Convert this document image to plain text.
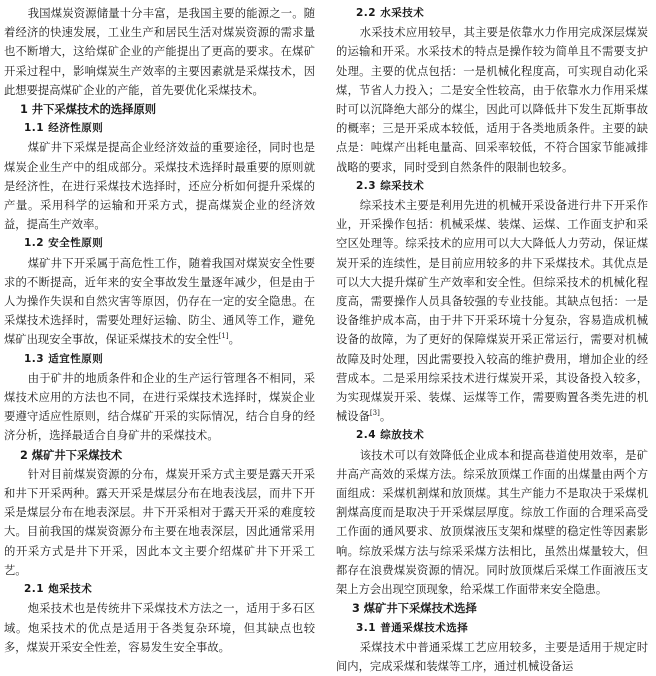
我国煤炭资源储量十分丰富，是我国主要的能源之一。随着经济的快速发展，工业生产和居民生活对煤炭资源的需求量也不断增大，这给煤矿企业的产能提出了更高的要求。在煤矿开采过程中，影响煤炭生产效率的主要因素就是采煤技术，因此想要提高煤矿企业的产能，首先要优化采煤技术。

1 井下采煤技术的选择原则
1.1 经济性原则

煤矿井下采煤是提高企业经济效益的重要途径，同时也是煤炭企业生产中的组成部分。采煤技术选择时最重要的原则就是经济性，在进行采煤技术选择时，还应分析如何提升采煤的产量。采用科学的运输和开采方式，提高煤炭企业的经济效益，提高生产效率。

1.2 安全性原则

煤矿井下开采属于高危性工作，随着我国对煤炭安全性要求的不断提高，近年来的安全事故发生量逐年减少，但是由于人为操作失误和自然灾害等原因，仍存在一定的安全隐患。在采煤技术选择时，需要处理好运输、防尘、通风等工作，避免煤矿出现安全事故，保证采煤技术的安全性[1]。

1.3 适宜性原则

由于矿井的地质条件和企业的生产运行管理各不相同，采煤技术应用的方法也不同，在进行采煤技术选择时，煤炭企业要遵守适应性原则，结合煤矿开采的实际情况，结合自身的经济分析，选择最适合自身矿井的采煤技术。

2 煤矿井下采煤技术

针对目前煤炭资源的分布，煤炭开采方式主要是露天开采和井下开采两种。露天开采是煤层分布在地表浅层，而井下开采是煤层分布在地表深层。井下开采相对于露天开采的难度较大。目前我国的煤炭资源分布主要在地表深层，因此通常采用的开采方式是井下开采，因此本文主要介绍煤矿井下开采工艺。

2.1 炮采技术

炮采技术也是传统井下采煤技术方法之一，适用于多石区域。炮采技术的优点是适用于各类复杂环境，但其缺点也较多，煤炭开采安全性差，容易发生安全事故。

2.2 水采技术

水采技术应用较早，其主要是依靠水力作用完成深层煤炭的运输和开采。水采技术的特点是操作较为简单且不需要支护处理。主要的优点包括：一是机械化程度高，可实现自动化采煤，节省人力投入；二是安全性较高，由于依靠水力作用采煤时可以沉降绝大部分的煤尘，因此可以降低井下发生瓦斯事故的概率；三是开采成本较低，适用于各类地质条件。主要的缺点是：吨煤产出耗电量高、回采率较低，不符合国家节能减排战略的要求，同时受到自然条件的限制也较多。

2.3 综采技术

综采技术主要是利用先进的机械开采设备进行井下开采作业，开采操作包括：机械采煤、装煤、运煤、工作面支护和采空区处理等。综采技术的应用可以大大降低人力劳动，保证煤炭开采的连续性，是目前应用较多的井下采煤技术。其优点是可以大大提升煤矿生产效率和安全性。但综采技术的机械化程度高，需要操作人员具备较强的专业技能。其缺点包括：一是设备维护成本高，由于井下开采环境十分复杂，容易造成机械设备的故障，为了更好的保障煤炭开采正常运行，需要对机械故障及时处理，因此需要投入较高的维护费用，增加企业的经营成本。二是采用综采技术进行煤炭开采，其设备投入较多，为实现煤炭开采、装煤、运煤等工作，需要购置各类先进的机械设备[3]。

2.4 综放技术

该技术可以有效降低企业成本和提高巷道使用效率，是矿井高产高效的采煤方法。综采放顶煤工作面的出煤量由两个方面组成：采煤机割煤和放顶煤。其生产能力不是取决于采煤机割煤高度而是取决于开采煤层厚度。综放工作面的合理采高受工作面的通风要求、放顶煤液压支架和煤壁的稳定性等因素影响。综放采煤方法与综采采煤方法相比，虽然出煤量较大，但都存在浪费煤炭资源的情况。同时放顶煤后采煤工作面液压支架上方会出现空顶现象，给采煤工作面带来安全隐患。

3 煤矿井下采煤技术选择
3.1 普通采煤技术选择

采煤技术中普通采煤工艺应用较多，主要是适用于规定时间内，完成采煤和装煤等工序，通过机械设备运
